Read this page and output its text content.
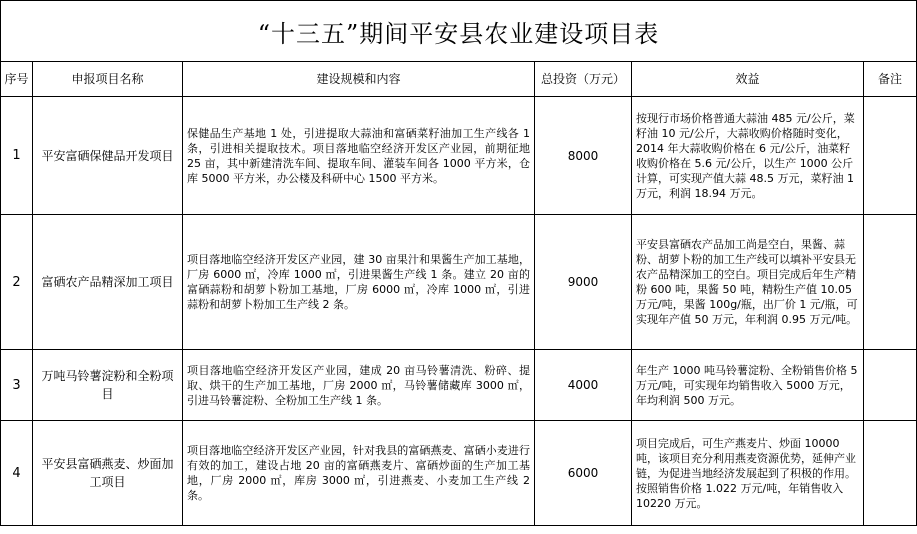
“十三五”期间平安县农业建设项目表					
序号	申报项目名称	建设规模和内容	总投资（万元）	效益	备注
1	平安富硒保健品开发项目	保健品生产基地 1 处，引进提取大蒜油和富硒菜籽油加工生产线各 1 条，引进相关提取技术。项目落地临空经济开发区产业园，前期征地 25 亩，其中新建清洗车间、提取车间、灌装车间各 1000 平方米，仓库 5000 平方米，办公楼及科研中心 1500 平方米。	8000	按现行市场价格普通大蒜油 485 元/公斤，菜籽油 10 元/公斤，大蒜收购价格随时变化，2014 年大蒜收购价格在 6 元/公斤，油菜籽收购价格在 5.6 元/公斤，以生产 1000 公斤计算，可实现产值大蒜 48.5 万元，菜籽油 1 万元，利润 18.94 万元。	
2	富硒农产品精深加工项目	项目落地临空经济开发区产业园，建 30 亩果汁和果酱生产加工基地，厂房 6000 ㎡，冷库 1000 ㎡，引进果酱生产线 1 条。建立 20 亩的富硒蒜粉和胡萝卜粉加工基地，厂房 6000 ㎡，冷库 1000 ㎡，引进蒜粉和胡萝卜粉加工生产线 2 条。	9000	平安县富硒农产品加工尚是空白，果酱、蒜粉、胡萝卜粉的加工生产线可以填补平安县无农产品精深加工的空白。项目完成后年生产精粉 600 吨，果酱 50 吨，精粉生产值 10.05 万元/吨，果酱 100g/瓶，出厂价 1 元/瓶，可实现年产值 50 万元，年利润 0.95 万元/吨。	
3	万吨马铃薯淀粉和全粉项目	项目落地临空经济开发区产业园，建成 20 亩马铃薯清洗、粉碎、提取、烘干的生产加工基地，厂房 2000 ㎡，马铃薯储藏库 3000 ㎡，引进马铃薯淀粉、全粉加工生产线 1 条。	4000	年生产 1000 吨马铃薯淀粉、全粉销售价格 5 万元/吨，可实现年均销售收入 5000 万元，年均利润 500 万元。	
4	平安县富硒燕麦、炒面加工项目	项目落地临空经济开发区产业园，针对我县的富硒燕麦、富硒小麦进行有效的加工，建设占地 20 亩的富硒燕麦片、富硒炒面的生产加工基地，厂房 2000 ㎡，库房 3000 ㎡，引进燕麦、小麦加工生产线 2 条。	6000	项目完成后，可生产燕麦片、炒面 10000 吨，该项目充分利用燕麦资源优势，延伸产业链，为促进当地经济发展起到了积极的作用。按照销售价格 1.022 万元/吨，年销售收入 10220 万元。	
